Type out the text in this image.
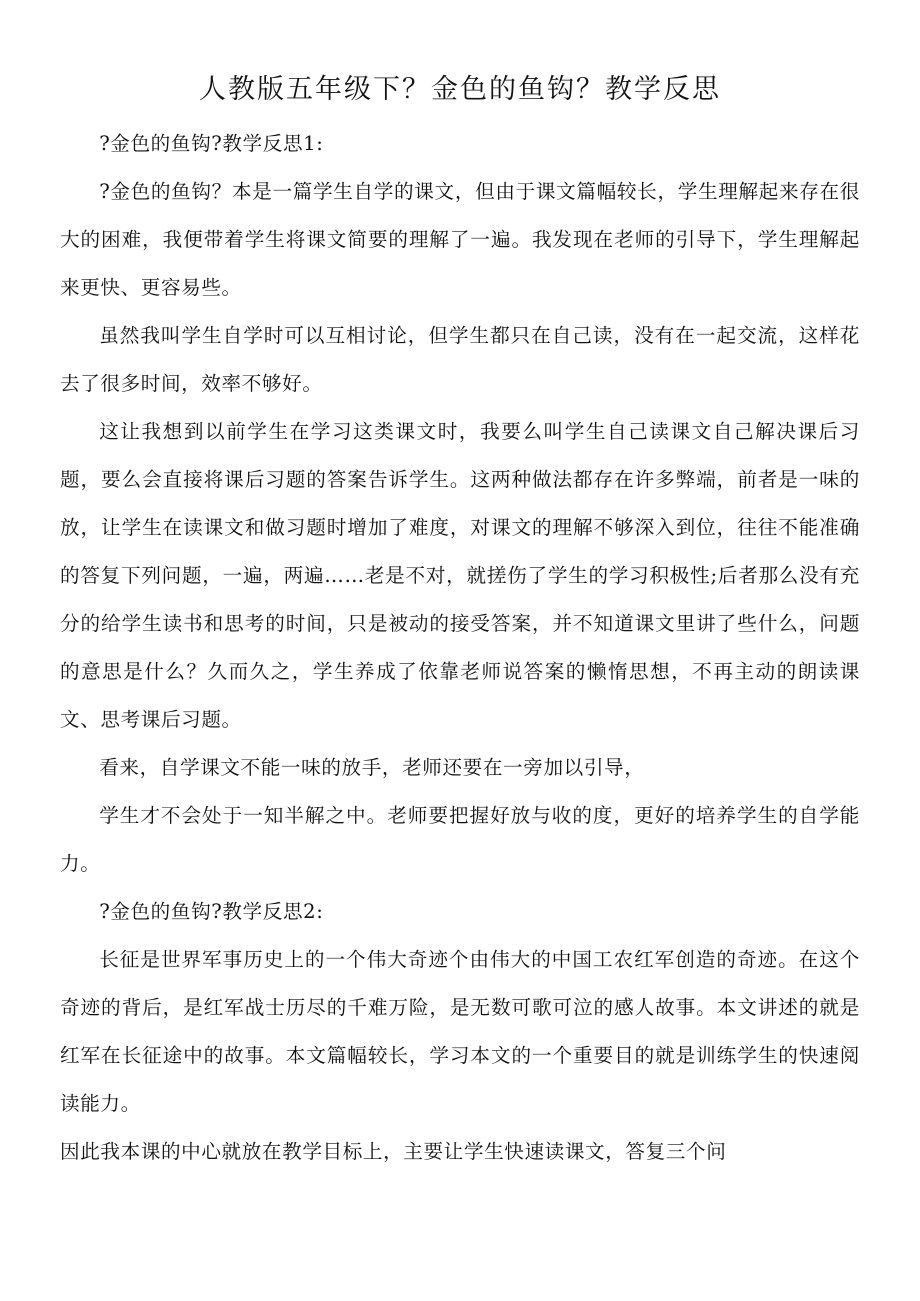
人教版五年级下？金色的鱼钩？教学反思

?金色的鱼钩?教学反思1:

?金色的鱼钩？本是一篇学生自学的课文，但由于课文篇幅较长，学生理解起来存在很大的困难，我便带着学生将课文简要的理解了一遍。我发现在老师的引导下，学生理解起来更快、更容易些。

虽然我叫学生自学时可以互相讨论，但学生都只在自己读，没有在一起交流，这样花去了很多时间，效率不够好。

这让我想到以前学生在学习这类课文时，我要么叫学生自己读课文自己解决课后习题，要么会直接将课后习题的答案告诉学生。这两种做法都存在许多弊端，前者是一味的放，让学生在读课文和做习题时增加了难度，对课文的理解不够深入到位，往往不能准确的答复下列问题，一遍，两遍……老是不对，就搓伤了学生的学习积极性;后者那么没有充分的给学生读书和思考的时间，只是被动的接受答案，并不知道课文里讲了些什么，问题的意思是什么？久而久之，学生养成了依靠老师说答案的懒惰思想，不再主动的朗读课文、思考课后习题。

看来，自学课文不能一味的放手，老师还要在一旁加以引导，

学生才不会处于一知半解之中。老师要把握好放与收的度，更好的培养学生的自学能力。

?金色的鱼钩?教学反思2:

长征是世界军事历史上的一个伟大奇迹个由伟大的中国工农红军创造的奇迹。在这个奇迹的背后，是红军战士历尽的千难万险，是无数可歌可泣的感人故事。本文讲述的就是红军在长征途中的故事。本文篇幅较长，学习本文的一个重要目的就是训练学生的快速阅读能力。

因此我本课的中心就放在教学目标上，主要让学生快速读课文，答复三个问
